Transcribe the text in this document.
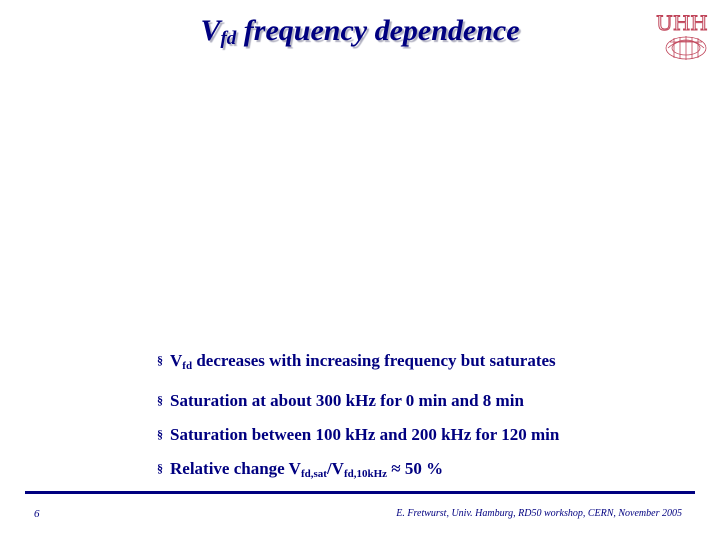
$V_{fd}$ frequency dependence	UHH
§ $V_{fd}$ decreases with increasing frequency but saturates
§ Saturation at about 300 kHz for 0 min and 8 min
§ Saturation between 100 kHz and 200 kHz for 120 min
§ Relative change $V_{fd,sat}/V_{fd,10kHz} \approx 50$ %
6	E. Fretwurst, Univ. Hamburg, RD50 workshop, CERN, November 2005
